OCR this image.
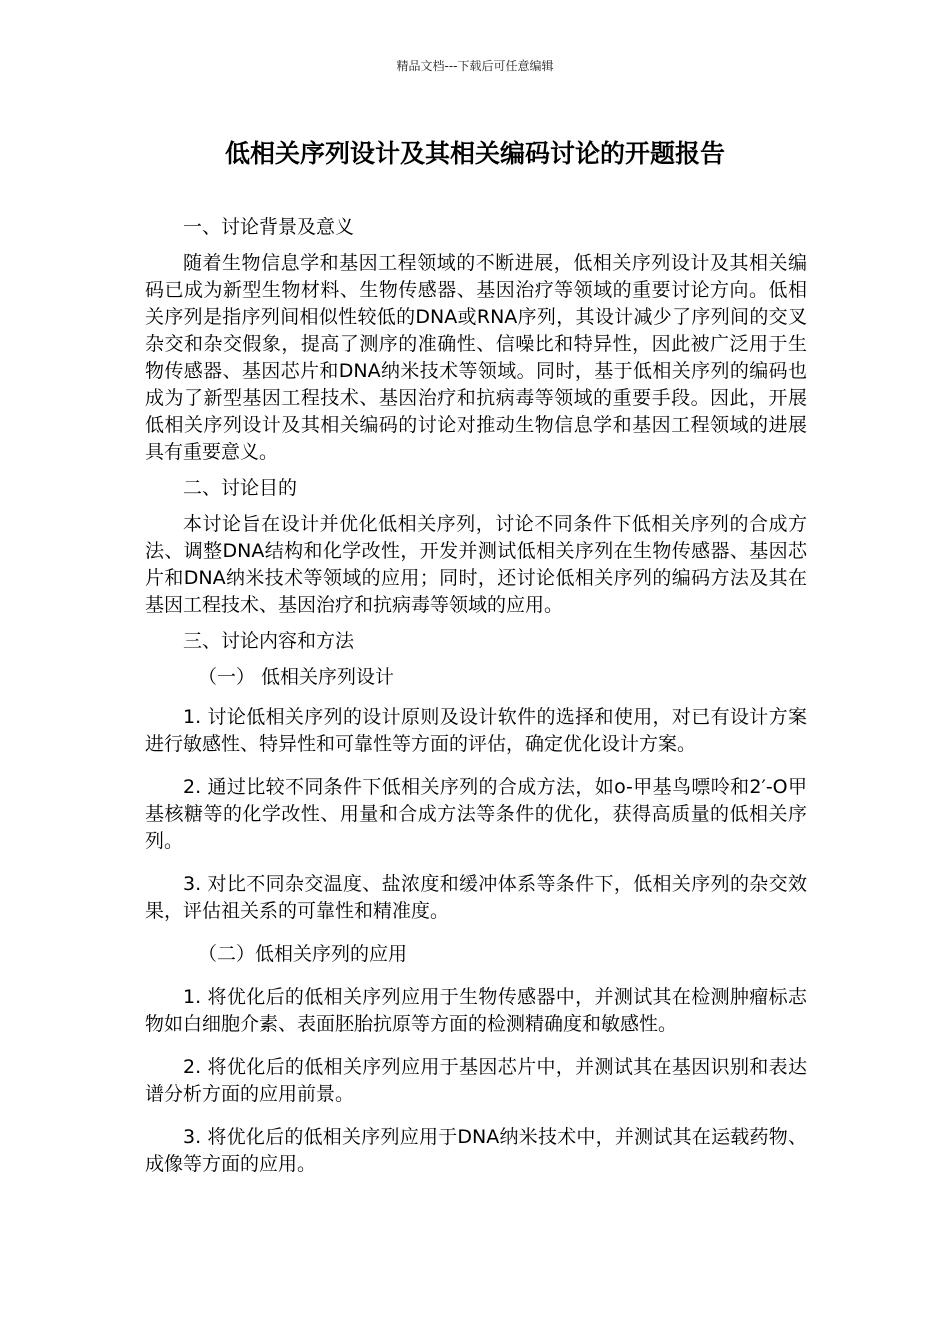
精品文档---下载后可任意编辑
低相关序列设计及其相关编码讨论的开题报告
一、讨论背景及意义

随着生物信息学和基因工程领域的不断进展，低相关序列设计及其相关编码已成为新型生物材料、生物传感器、基因治疗等领域的重要讨论方向。低相关序列是指序列间相似性较低的DNA或RNA序列，其设计减少了序列间的交叉杂交和杂交假象，提高了测序的准确性、信噪比和特异性，因此被广泛用于生物传感器、基因芯片和DNA纳米技术等领域。同时，基于低相关序列的编码也成为了新型基因工程技术、基因治疗和抗病毒等领域的重要手段。因此，开展低相关序列设计及其相关编码的讨论对推动生物信息学和基因工程领域的进展具有重要意义。

二、讨论目的

本讨论旨在设计并优化低相关序列，讨论不同条件下低相关序列的合成方法、调整DNA结构和化学改性，开发并测试低相关序列在生物传感器、基因芯片和DNA纳米技术等领域的应用；同时，还讨论低相关序列的编码方法及其在基因工程技术、基因治疗和抗病毒等领域的应用。

三、讨论内容和方法
（一） 低相关序列设计

1. 讨论低相关序列的设计原则及设计软件的选择和使用，对已有设计方案进行敏感性、特异性和可靠性等方面的评估，确定优化设计方案。

2. 通过比较不同条件下低相关序列的合成方法，如o-甲基鸟嘌呤和2′-O甲基核糖等的化学改性、用量和合成方法等条件的优化，获得高质量的低相关序列。

3. 对比不同杂交温度、盐浓度和缓冲体系等条件下，低相关序列的杂交效果，评估祖关系的可靠性和精准度。

（二）低相关序列的应用

1. 将优化后的低相关序列应用于生物传感器中，并测试其在检测肿瘤标志物如白细胞介素、表面胚胎抗原等方面的检测精确度和敏感性。

2. 将优化后的低相关序列应用于基因芯片中，并测试其在基因识别和表达谱分析方面的应用前景。

3. 将优化后的低相关序列应用于DNA纳米技术中，并测试其在运载药物、成像等方面的应用。
